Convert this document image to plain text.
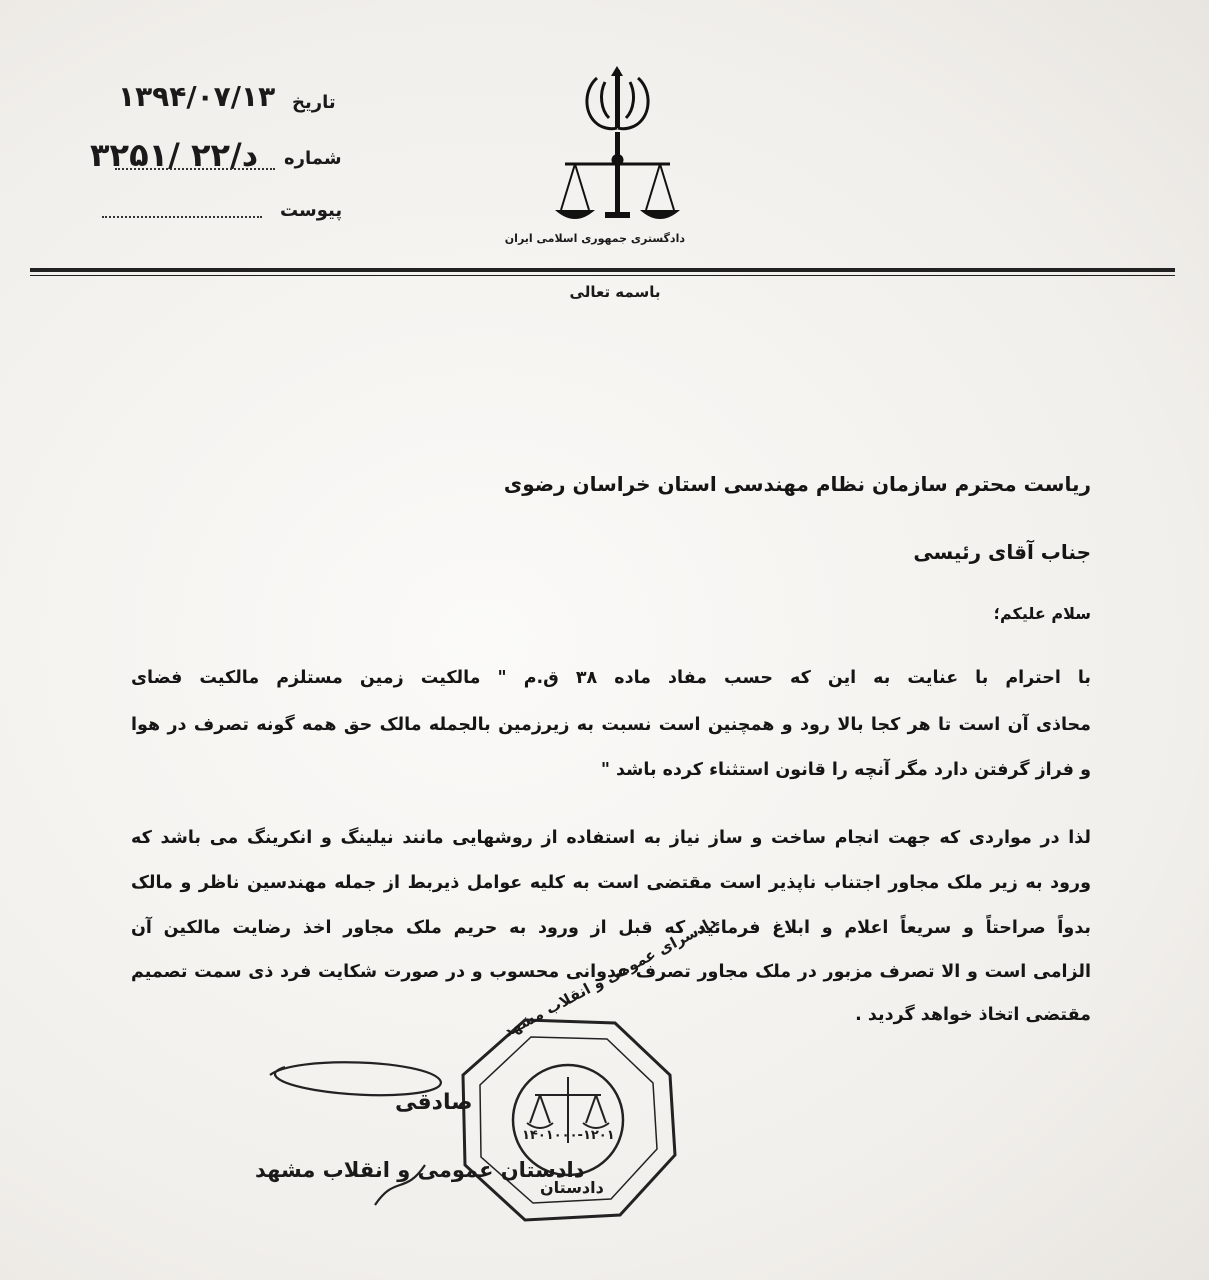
تاریخ
۱۳۹۴/۰۷/۱۳
شماره
۳۲۵۱/ ۲۲/د
پیوست
دادگستری جمهوری اسلامی ایران
باسمه تعالی
ریاست محترم سازمان نظام مهندسی استان خراسان رضوی
جناب آقای رئیسی
سلام علیکم؛
با احترام با عنایت به این که حسب مفاد ماده ۳۸ ق.م " مالکیت زمین مستلزم مالکیت فضای
محاذی آن است تا هر کجا بالا رود و همچنین است نسبت به زیرزمین بالجمله مالک حق همه گونه تصرف در هوا
و فراز گرفتن دارد مگر آنچه را قانون استثناء کرده باشد "
لذا در مواردی که جهت انجام ساخت و ساز نیاز به استفاده از روشهایی مانند نیلینگ و انکرینگ می باشد که
ورود به زیر ملک مجاور اجتناب ناپذیر است مقتضی است به کلیه عوامل ذیربط از جمله مهندسین ناظر و مالک
بدواً صراحتاً و سریعاً اعلام و ابلاغ فرمائید که قبل از ورود به حریم ملک مجاور اخذ رضایت مالکین آن
الزامی است و الا تصرف مزبور در ملک مجاور تصرف عدوانی محسوب و در صورت شکایت فرد ذی سمت تصمیم
مقتضی اتخاذ خواهد گردید .
دادسرای عمومی و انقلاب مشهد
۱۴۰۱۰۰۰-۱۲۰۱
دادستان
صادقی
دادستان عمومی و انقلاب مشهد
